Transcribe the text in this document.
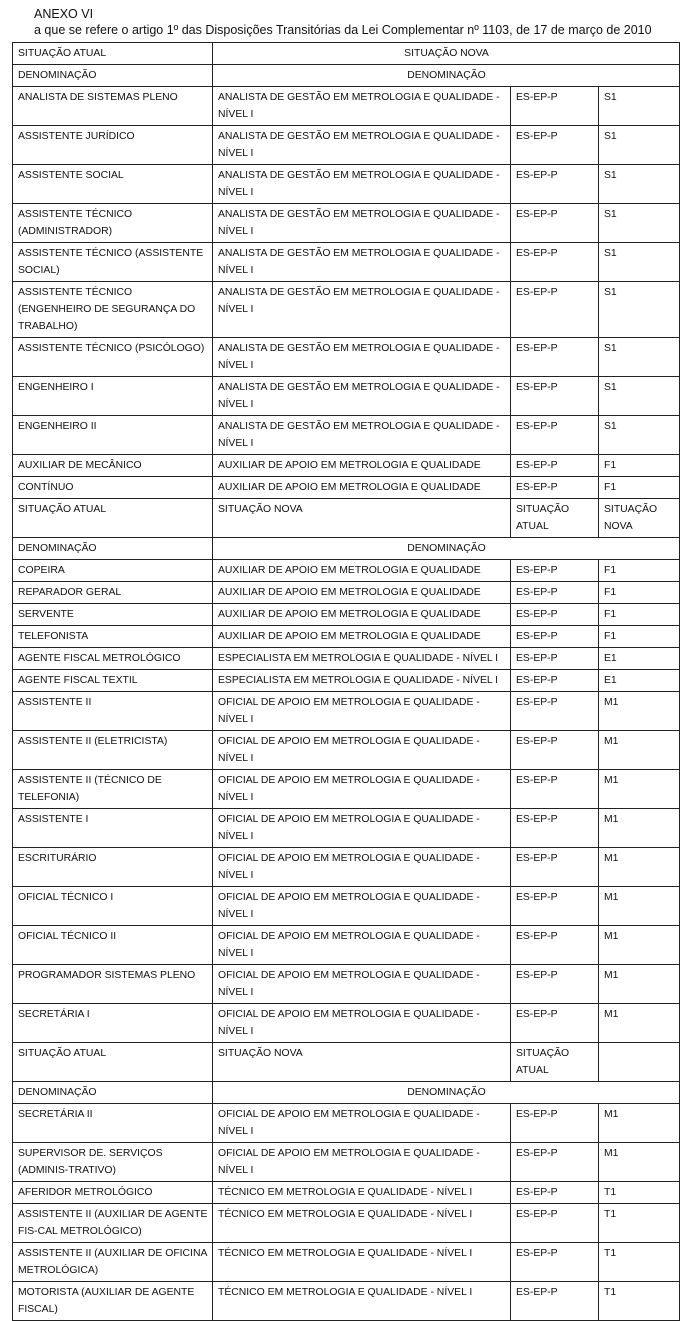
ANEXO VI
a que se refere o artigo 1º das Disposições Transitórias da Lei Complementar nº 1103, de 17 de março de 2010
SITUAÇÃO ATUAL	SITUAÇÃO NOVA		
DENOMINAÇÃO	DENOMINAÇÃO		
ANALISTA DE SISTEMAS PLENO	ANALISTA DE GESTÃO EM METROLOGIA E QUALIDADE - NÍVEL I	ES-EP-P	S1
ASSISTENTE JURÍDICO	ANALISTA DE GESTÃO EM METROLOGIA E QUALIDADE - NÍVEL I	ES-EP-P	S1
ASSISTENTE SOCIAL	ANALISTA DE GESTÃO EM METROLOGIA E QUALIDADE - NÍVEL I	ES-EP-P	S1
ASSISTENTE TÉCNICO (ADMINISTRADOR)	ANALISTA DE GESTÃO EM METROLOGIA E QUALIDADE - NÍVEL I	ES-EP-P	S1
ASSISTENTE TÉCNICO (ASSISTENTE SOCIAL)	ANALISTA DE GESTÃO EM METROLOGIA E QUALIDADE - NÍVEL I	ES-EP-P	S1
ASSISTENTE TÉCNICO (ENGENHEIRO DE SEGURANÇA DO TRABALHO)	ANALISTA DE GESTÃO EM METROLOGIA E QUALIDADE - NÍVEL I	ES-EP-P	S1
ASSISTENTE TÉCNICO (PSICÓLOGO)	ANALISTA DE GESTÃO EM METROLOGIA E QUALIDADE - NÍVEL I	ES-EP-P	S1
ENGENHEIRO I	ANALISTA DE GESTÃO EM METROLOGIA E QUALIDADE - NÍVEL I	ES-EP-P	S1
ENGENHEIRO II	ANALISTA DE GESTÃO EM METROLOGIA E QUALIDADE - NÍVEL I	ES-EP-P	S1
AUXILIAR DE MECÂNICO	AUXILIAR DE APOIO EM METROLOGIA E QUALIDADE	ES-EP-P	F1
CONTÍNUO	AUXILIAR DE APOIO EM METROLOGIA E QUALIDADE	ES-EP-P	F1
SITUAÇÃO ATUAL	SITUAÇÃO NOVA	SITUAÇÃO ATUAL	SITUAÇÃO NOVA
DENOMINAÇÃO	DENOMINAÇÃO		
COPEIRA	AUXILIAR DE APOIO EM METROLOGIA E QUALIDADE	ES-EP-P	F1
REPARADOR GERAL	AUXILIAR DE APOIO EM METROLOGIA E QUALIDADE	ES-EP-P	F1
SERVENTE	AUXILIAR DE APOIO EM METROLOGIA E QUALIDADE	ES-EP-P	F1
TELEFONISTA	AUXILIAR DE APOIO EM METROLOGIA E QUALIDADE	ES-EP-P	F1
AGENTE FISCAL METROLÓGICO	ESPECIALISTA EM METROLOGIA E QUALIDADE - NÍVEL I	ES-EP-P	E1
AGENTE FISCAL TEXTIL	ESPECIALISTA EM METROLOGIA E QUALIDADE - NÍVEL I	ES-EP-P	E1
ASSISTENTE II	OFICIAL DE APOIO EM METROLOGIA E QUALIDADE - NÍVEL I	ES-EP-P	M1
ASSISTENTE II (ELETRICISTA)	OFICIAL DE APOIO EM METROLOGIA E QUALIDADE - NÍVEL I	ES-EP-P	M1
ASSISTENTE II (TÉCNICO DE TELEFONIA)	OFICIAL DE APOIO EM METROLOGIA E QUALIDADE - NÍVEL I	ES-EP-P	M1
ASSISTENTE I	OFICIAL DE APOIO EM METROLOGIA E QUALIDADE - NÍVEL I	ES-EP-P	M1
ESCRITURÁRIO	OFICIAL DE APOIO EM METROLOGIA E QUALIDADE - NÍVEL I	ES-EP-P	M1
OFICIAL TÉCNICO I	OFICIAL DE APOIO EM METROLOGIA E QUALIDADE - NÍVEL I	ES-EP-P	M1
OFICIAL TÉCNICO II	OFICIAL DE APOIO EM METROLOGIA E QUALIDADE - NÍVEL I	ES-EP-P	M1
PROGRAMADOR SISTEMAS PLENO	OFICIAL DE APOIO EM METROLOGIA E QUALIDADE - NÍVEL I	ES-EP-P	M1
SECRETÁRIA I	OFICIAL DE APOIO EM METROLOGIA E QUALIDADE - NÍVEL I	ES-EP-P	M1
SITUAÇÃO ATUAL	SITUAÇÃO NOVA	SITUAÇÃO ATUAL	
DENOMINAÇÃO	DENOMINAÇÃO		
SECRETÁRIA II	OFICIAL DE APOIO EM METROLOGIA E QUALIDADE - NÍVEL I	ES-EP-P	M1
SUPERVISOR DE. SERVIÇOS (ADMINIS-TRATIVO)	OFICIAL DE APOIO EM METROLOGIA E QUALIDADE - NÍVEL I	ES-EP-P	M1
AFERIDOR METROLÓGICO	TÉCNICO EM METROLOGIA E QUALIDADE - NÍVEL I	ES-EP-P	T1
ASSISTENTE II (AUXILIAR DE AGENTE FIS-CAL METROLÓGICO)	TÉCNICO EM METROLOGIA E QUALIDADE - NÍVEL I	ES-EP-P	T1
ASSISTENTE II (AUXILIAR DE OFICINA METROLÓGICA)	TÉCNICO EM METROLOGIA E QUALIDADE - NÍVEL I	ES-EP-P	T1
MOTORISTA (AUXILIAR DE AGENTE FISCAL)	TÉCNICO EM METROLOGIA E QUALIDADE - NÍVEL I	ES-EP-P	T1
